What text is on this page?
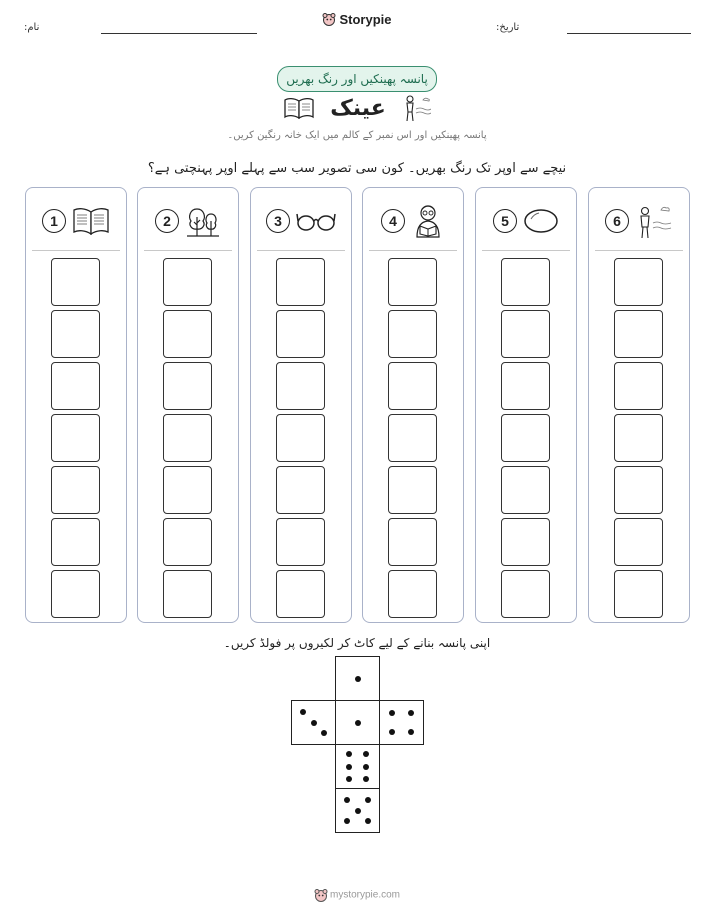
نام:	تاریخ:
Storypie
پانسہ پھینکیں اور رنگ بھریں
عینک
پانسہ پھینکیں اور اس نمبر کے کالم میں ایک خانہ رنگین کریں۔
نیچے سے اوپر تک رنگ بھریں۔ کون سی تصویر سب سے پہلے اوپر پہنچتی ہے؟
1	2	3	4	5	6
اپنی پانسہ بنانے کے لیے کاٹ کر لکیروں پر فولڈ کریں۔
mystorypie.com
